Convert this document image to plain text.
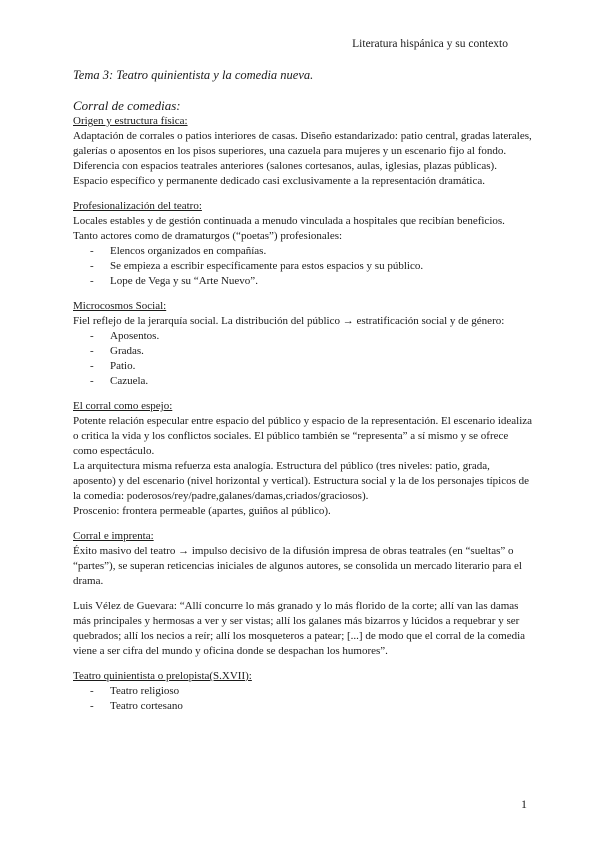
Literatura hispánica y su contexto

Tema 3: Teatro quinientista y la comedia nueva.

Corral de comedias:

Origen y estructura física:

Adaptación de corrales o patios interiores de casas. Diseño estandarizado: patio central, gradas laterales, galerías o aposentos en los pisos superiores, una cazuela para mujeres y un escenario fijo al fondo.

Diferencia con espacios teatrales anteriores (salones cortesanos, aulas, iglesias, plazas públicas). Espacio específico y permanente dedicado casi exclusivamente a la representación dramática.

Profesionalización del teatro:

Locales estables y de gestión continuada a menudo vinculada a hospitales que recibían beneficios.

Tanto actores como de dramaturgos (“poetas”) profesionales:

- Elencos organizados en compañías.
- Se empieza a escribir específicamente para estos espacios y su público.
- Lope de Vega y su “Arte Nuevo”.

Microcosmos Social:

Fiel reflejo de la jerarquía social. La distribución del público → estratificación social y de género:

- Aposentos.
- Gradas.
- Patio.
- Cazuela.

El corral como espejo:

Potente relación especular entre espacio del público y espacio de la representación. El escenario idealiza o critica la vida y los conflictos sociales. El público también se “representa” a sí mismo y se ofrece como espectáculo.

La arquitectura misma refuerza esta analogía. Estructura del público (tres niveles: patio, grada, aposento) y del escenario (nivel horizontal y vertical). Estructura social y la de los personajes típicos de la comedia: poderosos/rey/padre,galanes/damas,criados/graciosos).

Proscenio: frontera permeable (apartes, guiños al público).

Corral e imprenta:

Éxito masivo del teatro → impulso decisivo de la difusión impresa de obras teatrales (en “sueltas” o “partes”), se superan reticencias iniciales de algunos autores, se consolida un mercado literario para el drama.

Luis Vélez de Guevara: “Allí concurre lo más granado y lo más florido de la corte; allí van las damas más principales y hermosas a ver y ser vistas; allí los galanes más bizarros y lúcidos a requebrar y ser quebrados; allí los necios a reír; allí los mosqueteros a patear; [...] de modo que el corral de la comedia viene a ser cifra del mundo y oficina donde se despachan los humores”.

Teatro quinientista o prelopista(S.XVII):

- Teatro religioso
- Teatro cortesano
1
